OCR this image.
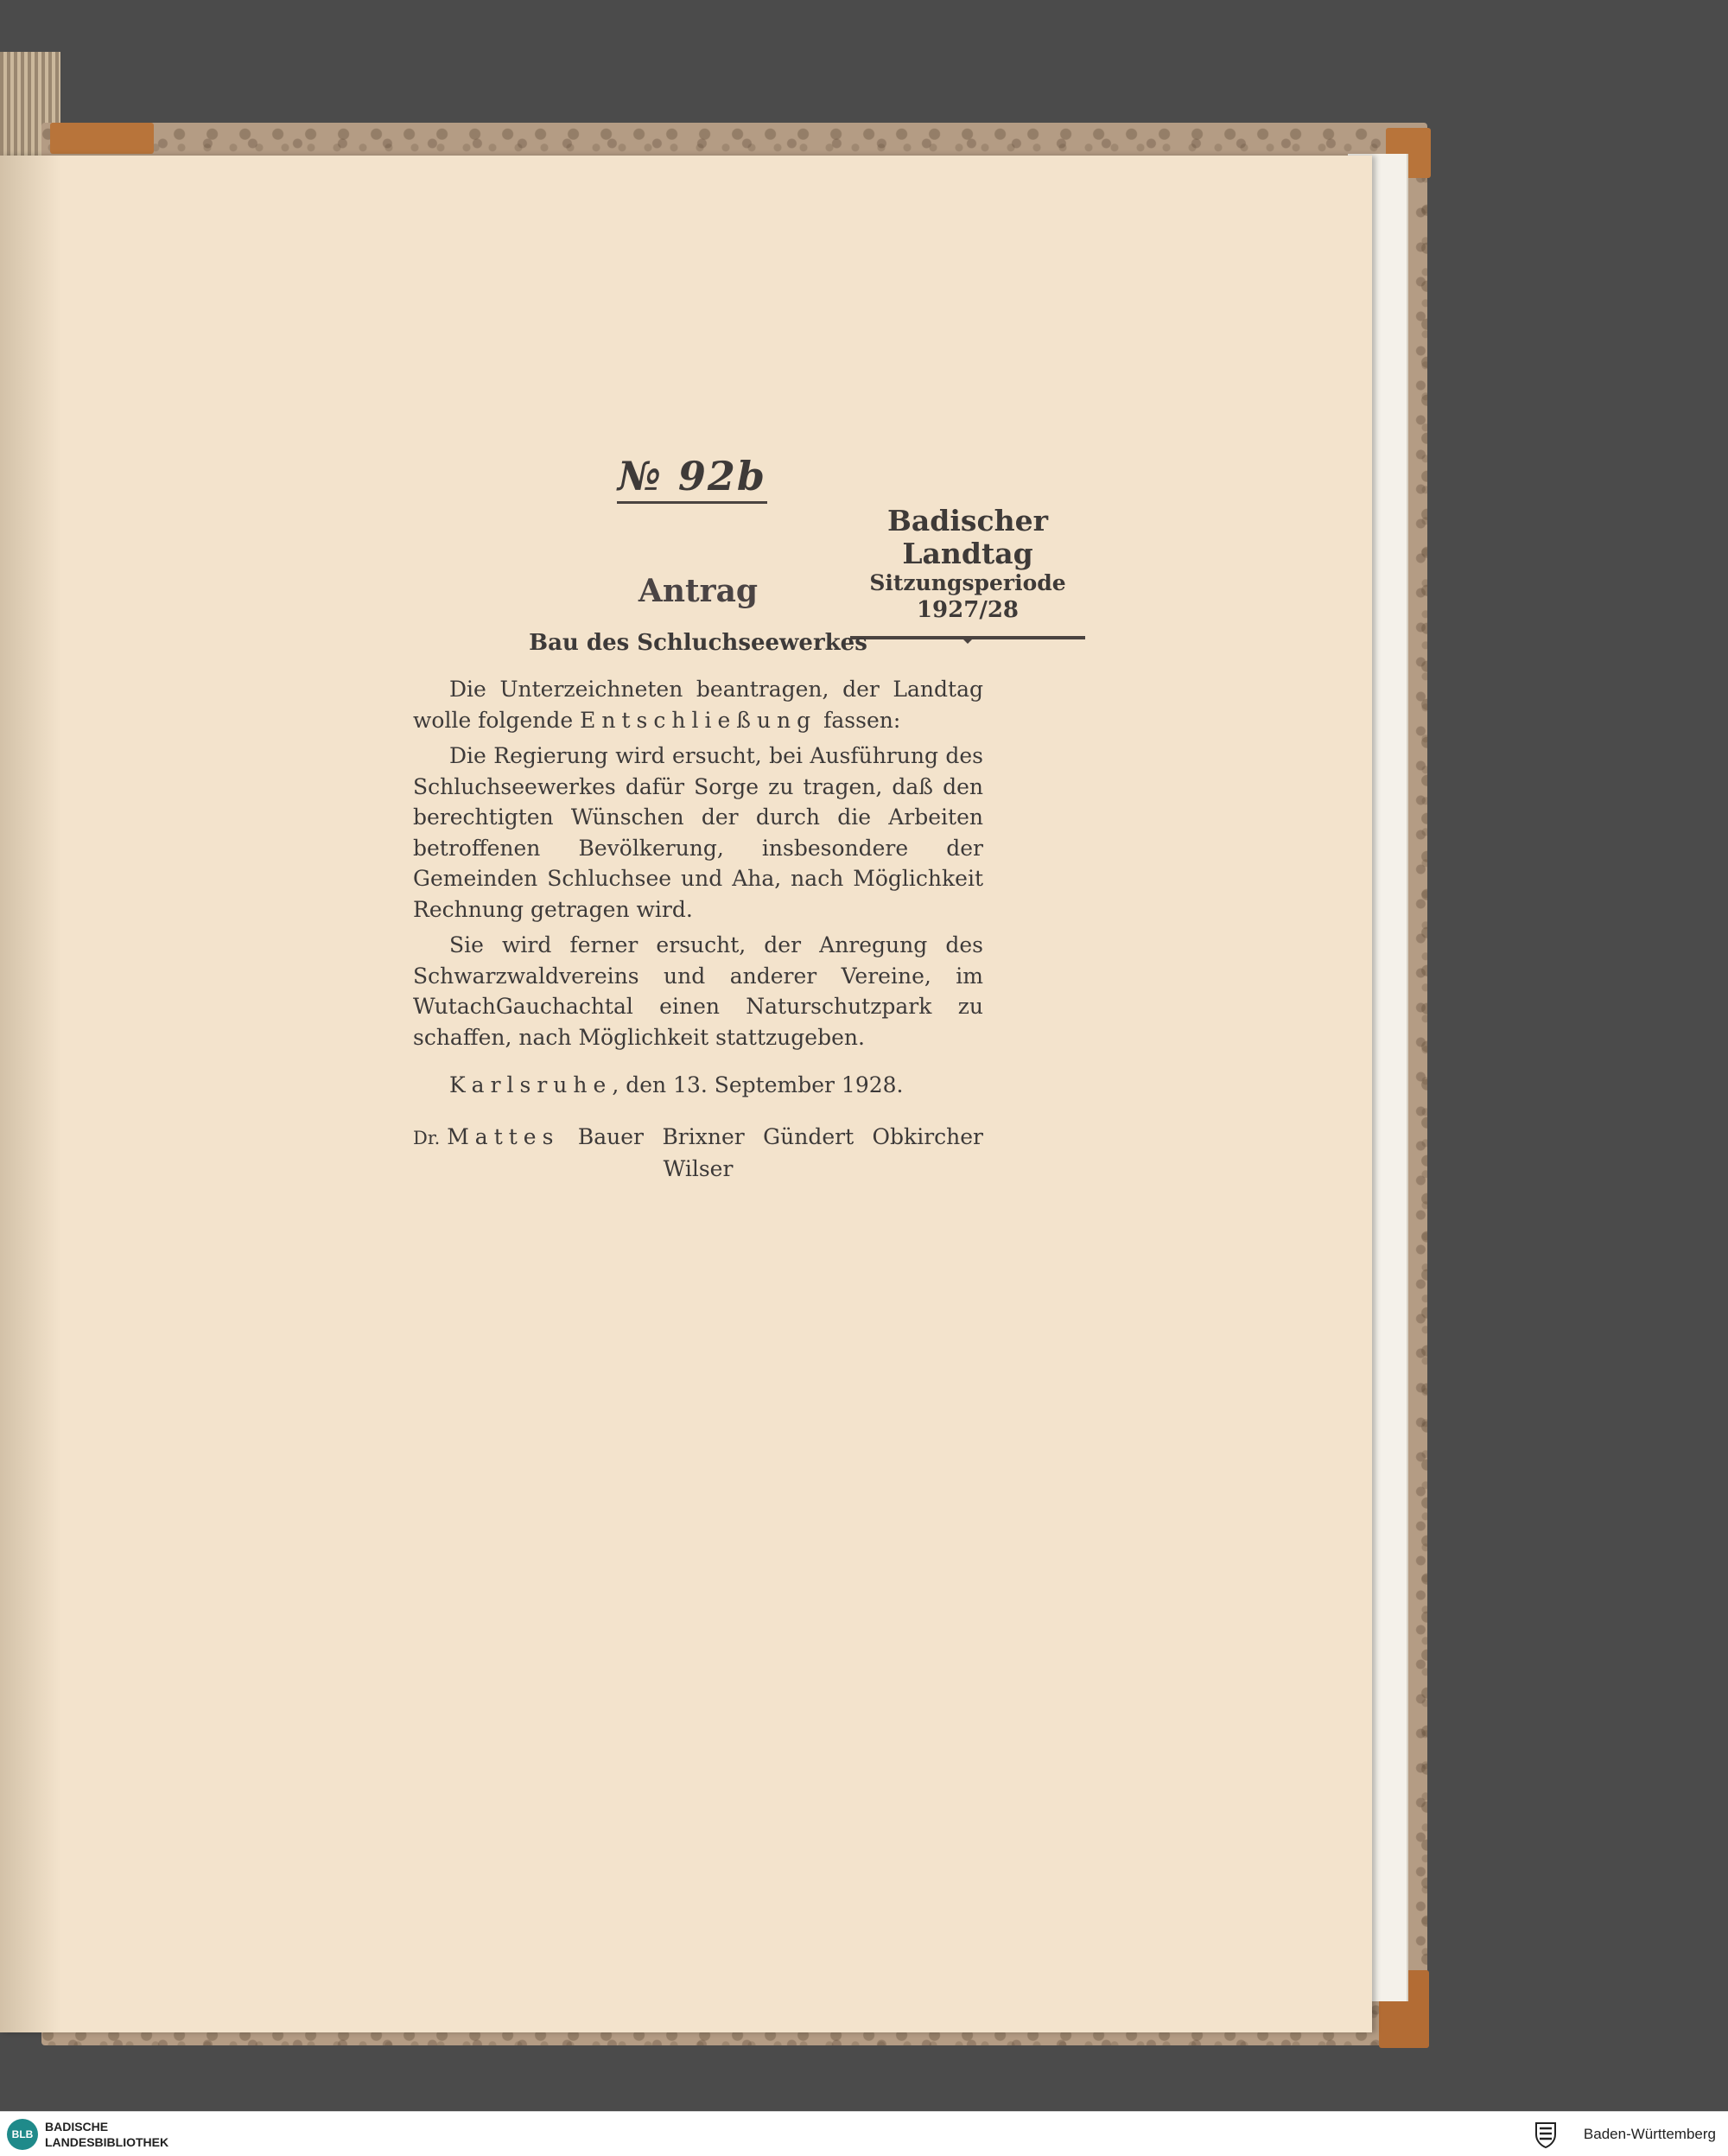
№ 92b
Badischer Landtag
Sitzungsperiode
1927/28
Antrag
Bau des Schluchseewerkes

Die Unterzeichneten beantragen, der Landtag wolle folgende Entschließung fassen:

Die Regierung wird ersucht, bei Ausführung des Schluchseewerkes dafür Sorge zu tragen, daß den berechtigten Wünschen der durch die Arbeiten betroffenen Bevölkerung, insbesondere der Gemeinden Schluchsee und Aha, nach Möglichkeit Rechnung getragen wird.

Sie wird ferner ersucht, der Anregung des Schwarzwaldvereins und anderer Vereine, im WutachGauchachtal einen Naturschutzpark zu schaffen, nach Möglichkeit stattzugeben.

Karlsruhe, den 13. September 1928.

Dr. Mattes Bauer Brixner Gündert Obkircher
Wilser
BLB
BADISCHE
LANDESBIBLIOTHEK	Baden-Württemberg
